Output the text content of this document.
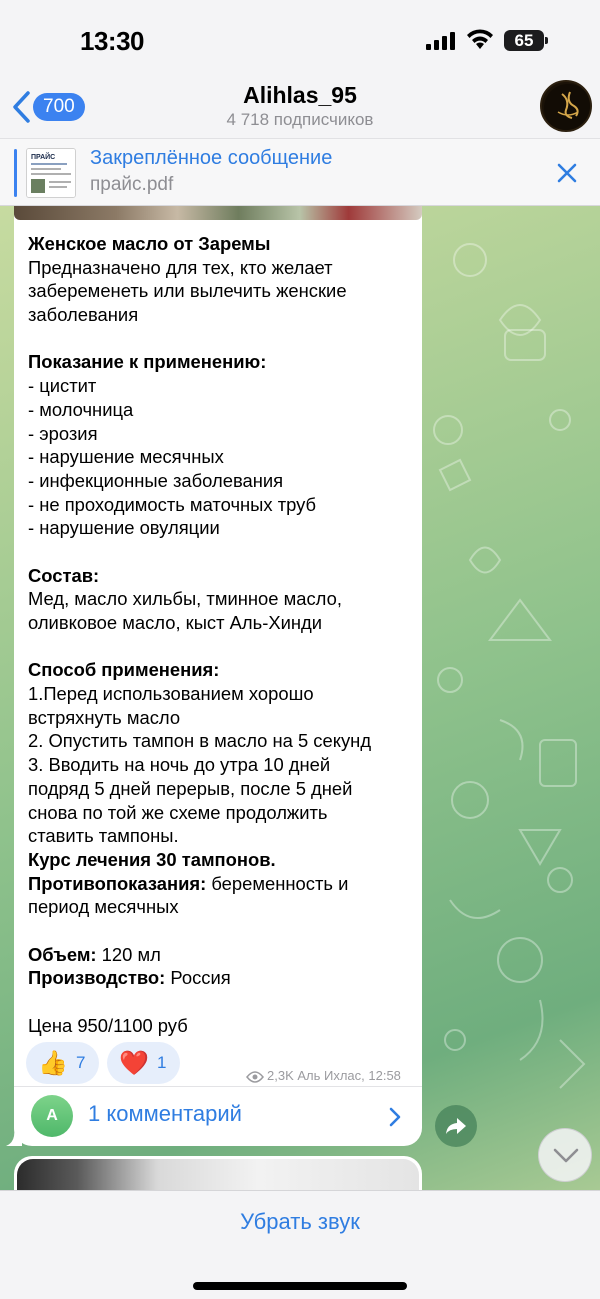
13:30	65
700	Alihlas_95
4 718 подписчиков
ПРАЙС Закреплённое сообщение
прайс.pdf
Женское масло от Заремы
Предназначено для тех, кто желает
забеременеть или вылечить женские
заболевания
Показание к применению:
- цистит
- молочница
- эрозия
- нарушение месячных
- инфекционные заболевания
- не проходимость маточных труб
- нарушение овуляции
Состав:
Мед, масло хильбы, тминное масло,
оливковое масло, кыст Аль-Хинди
Способ применения:
1.Перед использованием хорошо
встряхнуть масло
2. Опустить тампон в масло на 5 секунд
3. Вводить на ночь до утра 10 дней
подряд 5 дней перерыв, после 5 дней
снова по той же схеме продолжить
ставить тампоны.
Курс лечения 30 тампонов.
Противопоказания: беременность и
период месячных
Объем: 120 мл
Производство: Россия
Цена 950/1100 руб
👍 7 ❤️ 1
2,3K Аль Ихлас, 12:58
A	1 комментарий
Убрать звук
